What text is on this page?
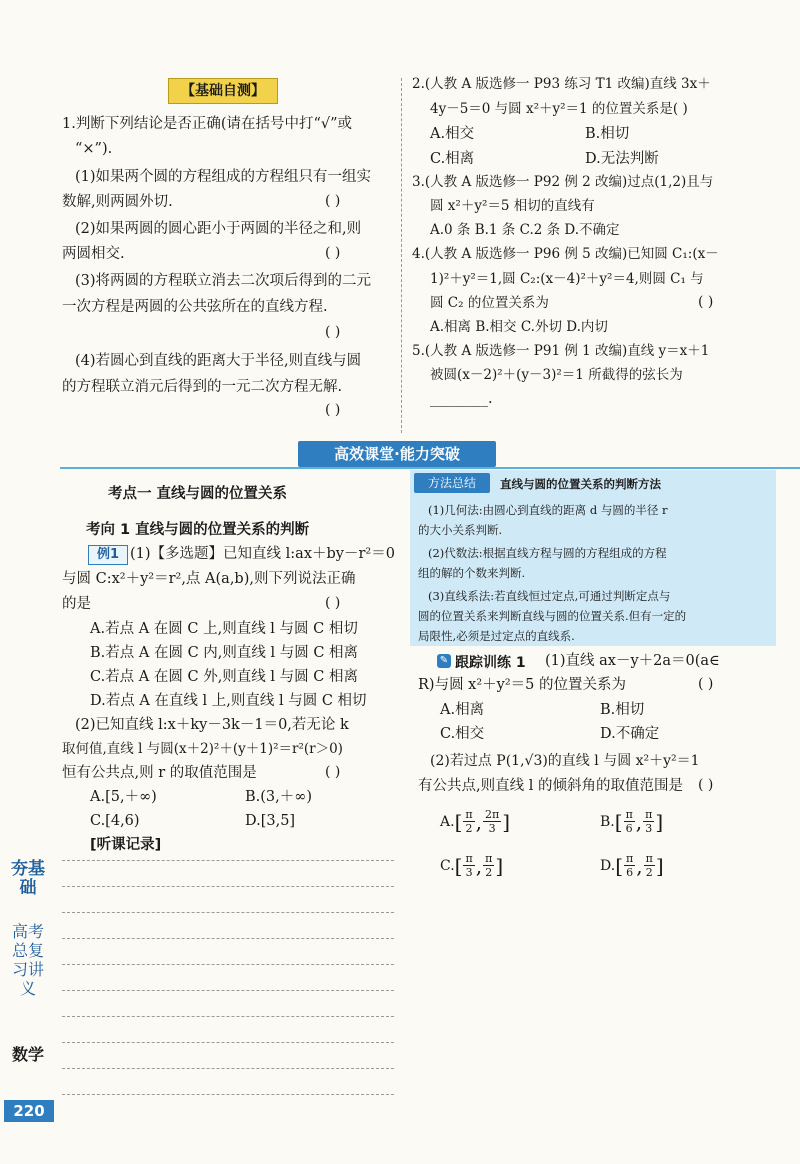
【基础自测】
1.判断下列结论是否正确(请在括号中打“√”或
“×”).
(1)如果两个圆的方程组成的方程组只有一组实
数解,则两圆外切.	( )
(2)如果两圆的圆心距小于两圆的半径之和,则
两圆相交.	( )
(3)将两圆的方程联立消去二次项后得到的二元
一次方程是两圆的公共弦所在的直线方程.
( )
(4)若圆心到直线的距离大于半径,则直线与圆
的方程联立消元后得到的一元二次方程无解.
( )
2.(人教 A 版选修一 P93 练习 T1 改编)直线 3x＋
4y－5＝0 与圆 x²＋y²＝1 的位置关系是( )
A.相交	B.相切
C.相离	D.无法判断
3.(人教 A 版选修一 P92 例 2 改编)过点(1,2)且与
圆 x²＋y²＝5 相切的直线有
A.0 条 B.1 条 C.2 条 D.不确定
4.(人教 A 版选修一 P96 例 5 改编)已知圆 C₁:(x－
1)²＋y²＝1,圆 C₂:(x－4)²＋y²＝4,则圆 C₁ 与
圆 C₂ 的位置关系为	( )
A.相离 B.相交 C.外切 D.内切
5.(人教 A 版选修一 P91 例 1 改编)直线 y＝x＋1
被圆(x－2)²＋(y－3)²＝1 所截得的弦长为
________.
高效课堂·能力突破
考点一 直线与圆的位置关系
考向 1 直线与圆的位置关系的判断
例1 (1)【多选题】已知直线 l:ax＋by－r²＝0
与圆 C:x²＋y²＝r²,点 A(a,b),则下列说法正确
的是	( )
A.若点 A 在圆 C 上,则直线 l 与圆 C 相切
B.若点 A 在圆 C 内,则直线 l 与圆 C 相离
C.若点 A 在圆 C 外,则直线 l 与圆 C 相离
D.若点 A 在直线 l 上,则直线 l 与圆 C 相切
(2)已知直线 l:x＋ky－3k－1＝0,若无论 k
取何值,直线 l 与圆(x＋2)²＋(y＋1)²＝r²(r＞0)
恒有公共点,则 r 的取值范围是	( )
A.[5,＋∞)	B.(3,＋∞)
C.[4,6)	D.[3,5]
[听课记录]
方法总结	直线与圆的位置关系的判断方法
(1)几何法:由圆心到直线的距离 d 与圆的半径 r
的大小关系判断.
(2)代数法:根据直线方程与圆的方程组成的方程
组的解的个数来判断.
(3)直线系法:若直线恒过定点,可通过判断定点与
圆的位置关系来判断直线与圆的位置关系.但有一定的
局限性,必须是过定点的直线系.
✎ 跟踪训练 1 (1)直线 ax－y＋2a＝0(a∈
R)与圆 x²＋y²＝5 的位置关系为	( )
A.相离	B.相切
C.相交	D.不确定
(2)若过点 P(1,√3)的直线 l 与圆 x²＋y²＝1
有公共点,则直线 l 的倾斜角的取值范围是 ( )
A. [ $\frac{\pi}{2}$ , $\frac{2\pi}{3}$ ]	B. [ $\frac{\pi}{6}$ , $\frac{\pi}{3}$ ]
C. [ $\frac{\pi}{3}$ , $\frac{\pi}{2}$ ]	D. [ $\frac{\pi}{6}$ , $\frac{\pi}{2}$ ]
夯基础
高考总复习讲义
数学
220
